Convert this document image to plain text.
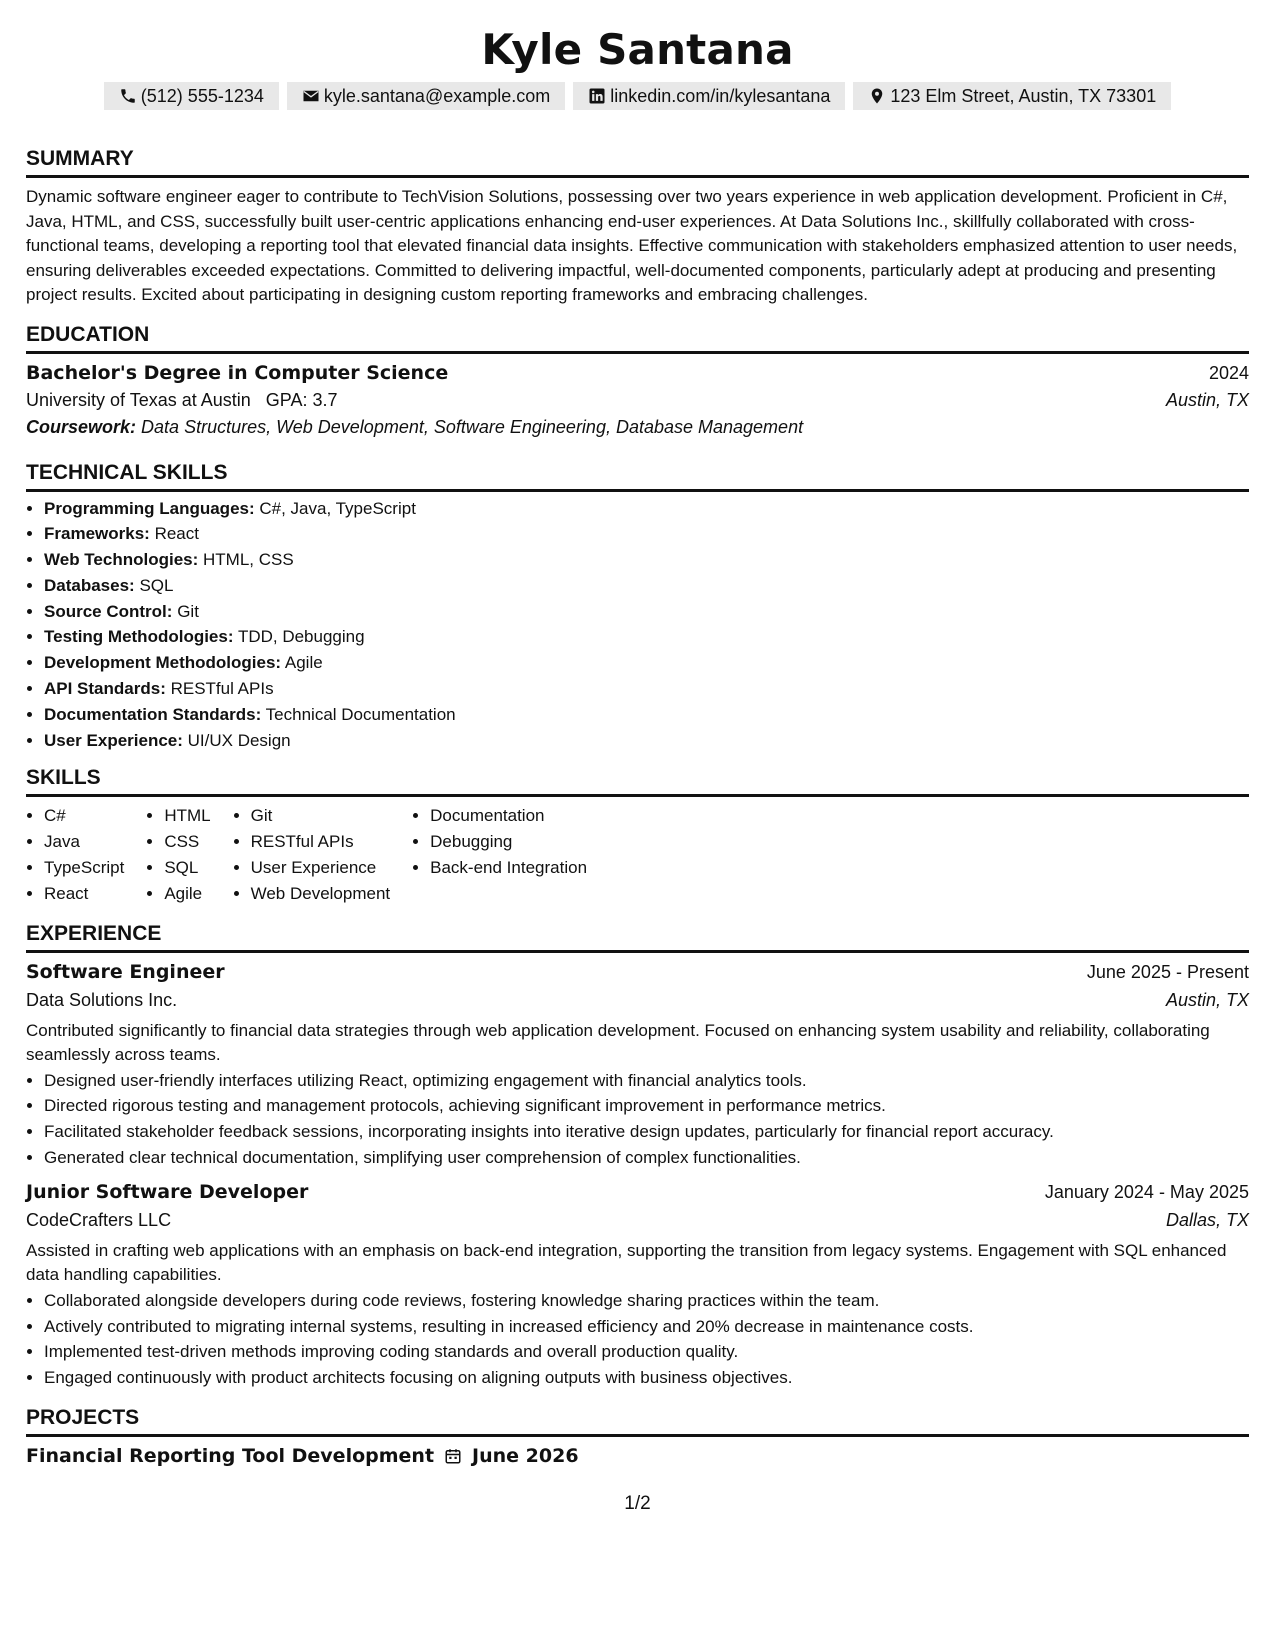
Kyle Santana
(512) 555-1234	kyle.santana@example.com	linkedin.com/in/kylesantana	123 Elm Street, Austin, TX 73301
SUMMARY

Dynamic software engineer eager to contribute to TechVision Solutions, possessing over two years experience in web application development. Proficient in C#, Java, HTML, and CSS, successfully built user-centric applications enhancing end-user experiences. At Data Solutions Inc., skillfully collaborated with cross-functional teams, developing a reporting tool that elevated financial data insights. Effective communication with stakeholders emphasized attention to user needs, ensuring deliverables exceeded expectations. Committed to delivering impactful, well-documented components, particularly adept at producing and presenting project results. Excited about participating in designing custom reporting frameworks and embracing challenges.

EDUCATION
Bachelor's Degree in Computer Science	2024
University of Texas at Austin GPA: 3.7	Austin, TX
Coursework: Data Structures, Web Development, Software Engineering, Database Management
TECHNICAL SKILLS
• Programming Languages: C#, Java, TypeScript
• Frameworks: React
• Web Technologies: HTML, CSS
• Databases: SQL
• Source Control: Git
• Testing Methodologies: TDD, Debugging
• Development Methodologies: Agile
• API Standards: RESTful APIs
• Documentation Standards: Technical Documentation
• User Experience: UI/UX Design
SKILLS
• C#
• Java
• TypeScript
• React
• HTML
• CSS
• SQL
• Agile
• Git
• RESTful APIs
• User Experience
• Web Development
• Documentation
• Debugging
• Back-end Integration
EXPERIENCE
Software Engineer	June 2025 - Present
Data Solutions Inc.	Austin, TX
Contributed significantly to financial data strategies through web application development. Focused on enhancing system usability and reliability, collaborating seamlessly across teams.
• Designed user-friendly interfaces utilizing React, optimizing engagement with financial analytics tools.
• Directed rigorous testing and management protocols, achieving significant improvement in performance metrics.
• Facilitated stakeholder feedback sessions, incorporating insights into iterative design updates, particularly for financial report accuracy.
• Generated clear technical documentation, simplifying user comprehension of complex functionalities.
Junior Software Developer	January 2024 - May 2025
CodeCrafters LLC	Dallas, TX
Assisted in crafting web applications with an emphasis on back-end integration, supporting the transition from legacy systems. Engagement with SQL enhanced data handling capabilities.
• Collaborated alongside developers during code reviews, fostering knowledge sharing practices within the team.
• Actively contributed to migrating internal systems, resulting in increased efficiency and 20% decrease in maintenance costs.
• Implemented test-driven methods improving coding standards and overall production quality.
• Engaged continuously with product architects focusing on aligning outputs with business objectives.
PROJECTS
Financial Reporting Tool Development June 2026
1/2
